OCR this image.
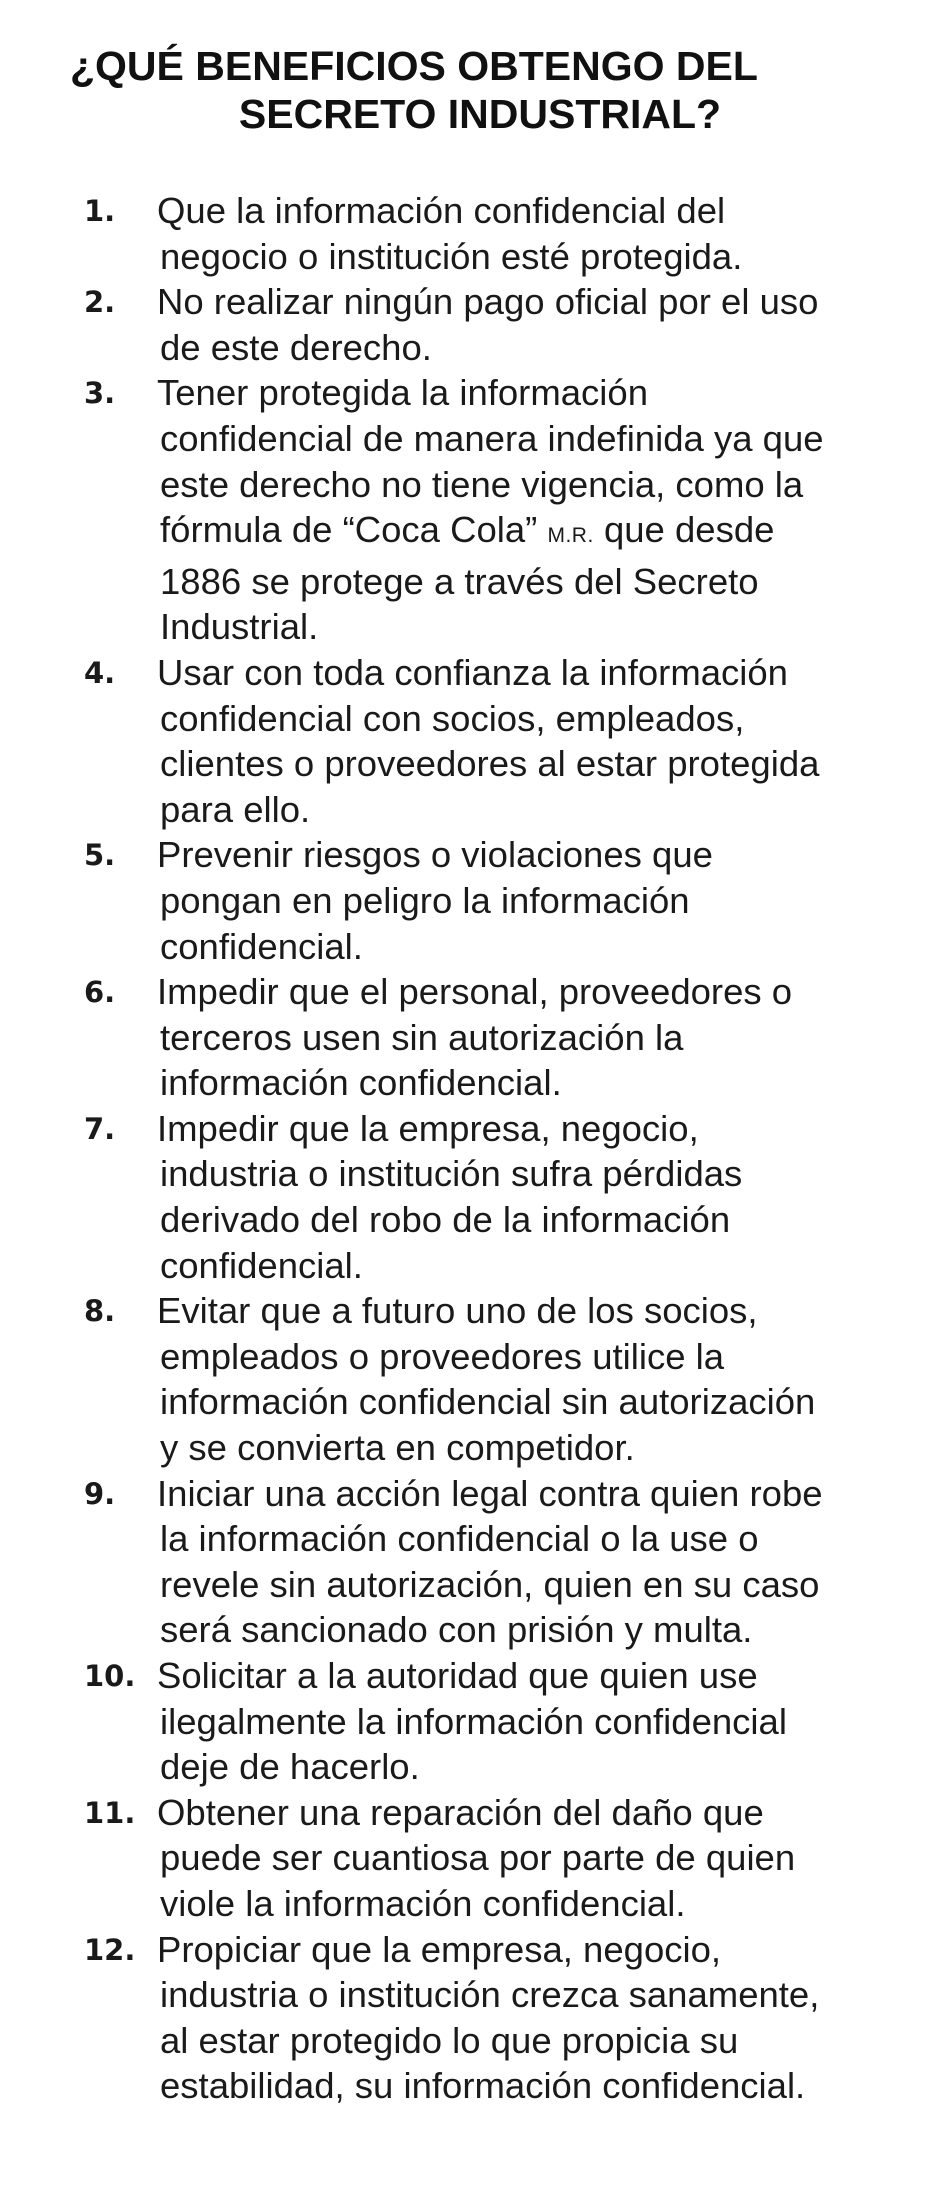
¿QUÉ BENEFICIOS OBTENGO DEL
SECRETO INDUSTRIAL?
1. Que la información confidencial del
negocio o institución esté protegida.
2. No realizar ningún pago oficial por el uso
de este derecho.
3. Tener protegida la información
confidencial de manera indefinida ya que
este derecho no tiene vigencia, como la
fórmula de “Coca Cola” M.R. que desde
1886 se protege a través del Secreto
Industrial.
4. Usar con toda confianza la información
confidencial con socios, empleados,
clientes o proveedores al estar protegida
para ello.
5. Prevenir riesgos o violaciones que
pongan en peligro la información
confidencial.
6. Impedir que el personal, proveedores o
terceros usen sin autorización la
información confidencial.
7. Impedir que la empresa, negocio,
industria o institución sufra pérdidas
derivado del robo de la información
confidencial.
8. Evitar que a futuro uno de los socios,
empleados o proveedores utilice la
información confidencial sin autorización
y se convierta en competidor.
9. Iniciar una acción legal contra quien robe
la información confidencial o la use o
revele sin autorización, quien en su caso
será sancionado con prisión y multa.
10. Solicitar a la autoridad que quien use
ilegalmente la información confidencial
deje de hacerlo.
11. Obtener una reparación del daño que
puede ser cuantiosa por parte de quien
viole la información confidencial.
12. Propiciar que la empresa, negocio,
industria o institución crezca sanamente,
al estar protegido lo que propicia su
estabilidad, su información confidencial.
